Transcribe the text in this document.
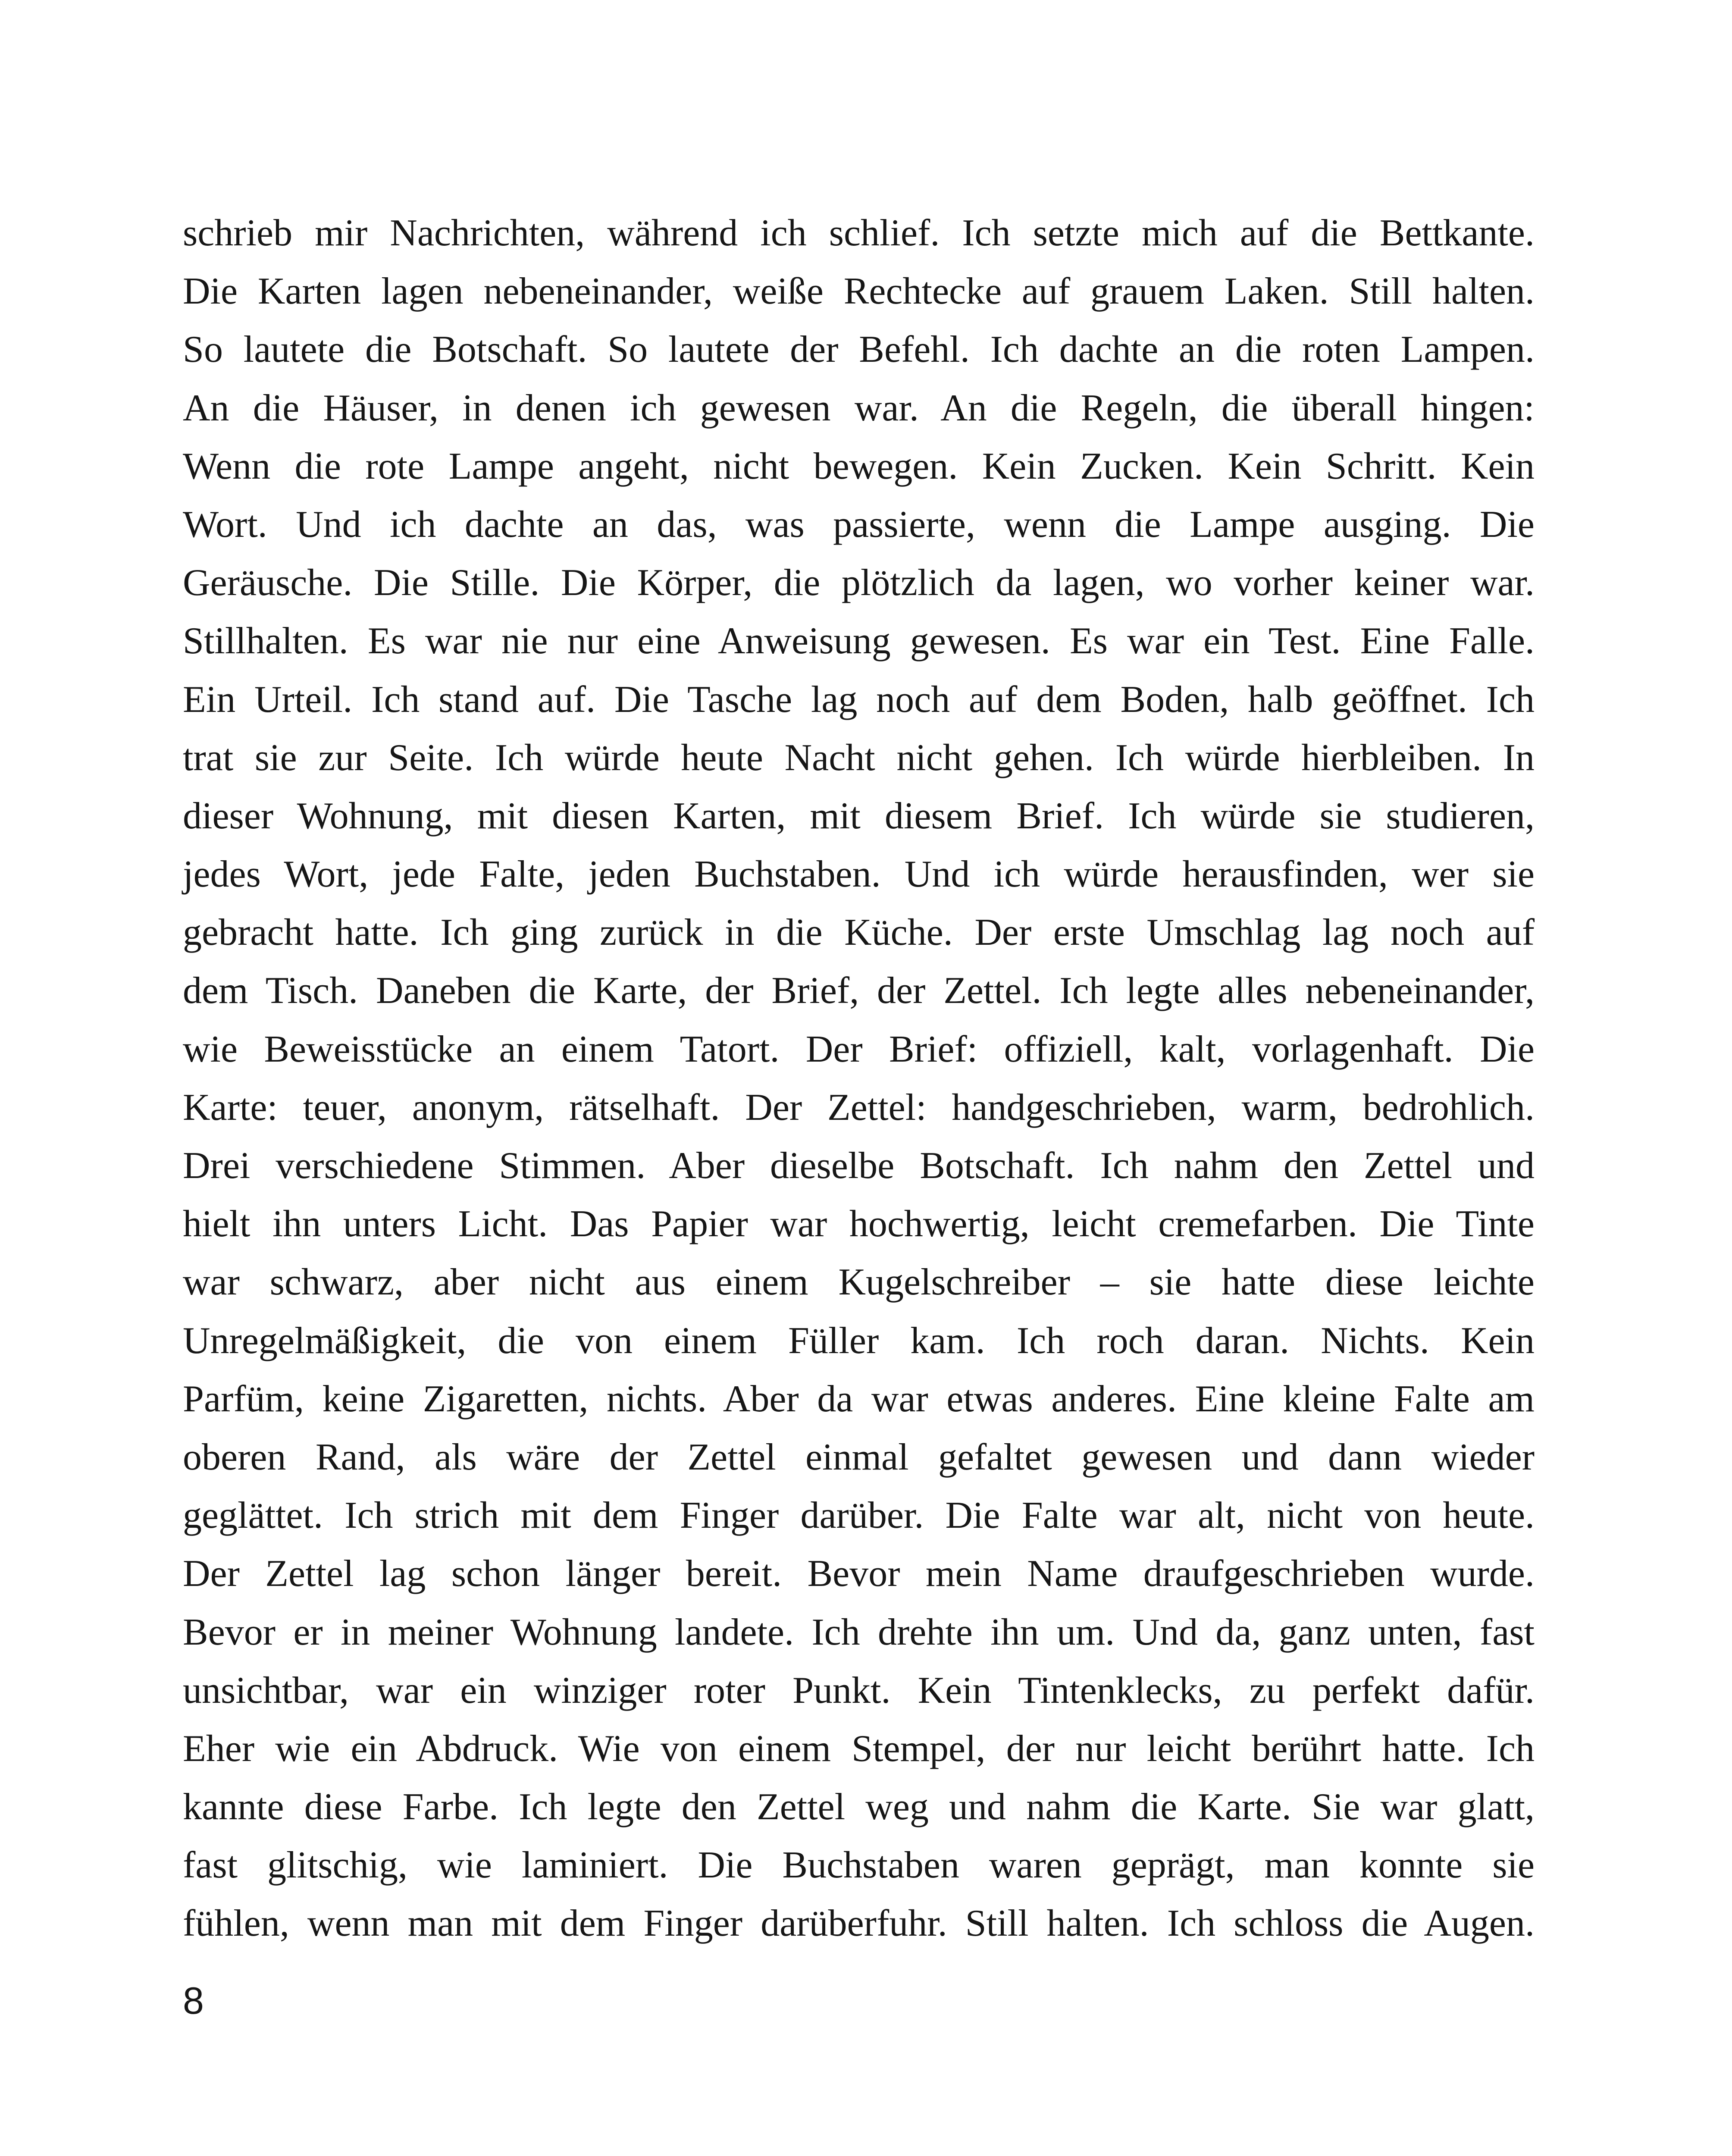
schrieb mir Nachrichten, während ich schlief. Ich setzte mich auf die Bettkante.
Die Karten lagen nebeneinander, weiße Rechtecke auf grauem Laken. Still halten.
So lautete die Botschaft. So lautete der Befehl. Ich dachte an die roten Lampen.
An die Häuser, in denen ich gewesen war. An die Regeln, die überall hingen:
Wenn die rote Lampe angeht, nicht bewegen. Kein Zucken. Kein Schritt. Kein
Wort. Und ich dachte an das, was passierte, wenn die Lampe ausging. Die
Geräusche. Die Stille. Die Körper, die plötzlich da lagen, wo vorher keiner war.
Stillhalten. Es war nie nur eine Anweisung gewesen. Es war ein Test. Eine Falle.
Ein Urteil. Ich stand auf. Die Tasche lag noch auf dem Boden, halb geöffnet. Ich
trat sie zur Seite. Ich würde heute Nacht nicht gehen. Ich würde hierbleiben. In
dieser Wohnung, mit diesen Karten, mit diesem Brief. Ich würde sie studieren,
jedes Wort, jede Falte, jeden Buchstaben. Und ich würde herausfinden, wer sie
gebracht hatte. Ich ging zurück in die Küche. Der erste Umschlag lag noch auf
dem Tisch. Daneben die Karte, der Brief, der Zettel. Ich legte alles nebeneinander,
wie Beweisstücke an einem Tatort. Der Brief: offiziell, kalt, vorlagenhaft. Die
Karte: teuer, anonym, rätselhaft. Der Zettel: handgeschrieben, warm, bedrohlich.
Drei verschiedene Stimmen. Aber dieselbe Botschaft. Ich nahm den Zettel und
hielt ihn unters Licht. Das Papier war hochwertig, leicht cremefarben. Die Tinte
war schwarz, aber nicht aus einem Kugelschreiber – sie hatte diese leichte
Unregelmäßigkeit, die von einem Füller kam. Ich roch daran. Nichts. Kein
Parfüm, keine Zigaretten, nichts. Aber da war etwas anderes. Eine kleine Falte am
oberen Rand, als wäre der Zettel einmal gefaltet gewesen und dann wieder
geglättet. Ich strich mit dem Finger darüber. Die Falte war alt, nicht von heute.
Der Zettel lag schon länger bereit. Bevor mein Name draufgeschrieben wurde.
Bevor er in meiner Wohnung landete. Ich drehte ihn um. Und da, ganz unten, fast
unsichtbar, war ein winziger roter Punkt. Kein Tintenklecks, zu perfekt dafür.
Eher wie ein Abdruck. Wie von einem Stempel, der nur leicht berührt hatte. Ich
kannte diese Farbe. Ich legte den Zettel weg und nahm die Karte. Sie war glatt,
fast glitschig, wie laminiert. Die Buchstaben waren geprägt, man konnte sie
fühlen, wenn man mit dem Finger darüberfuhr. Still halten. Ich schloss die Augen.
8
